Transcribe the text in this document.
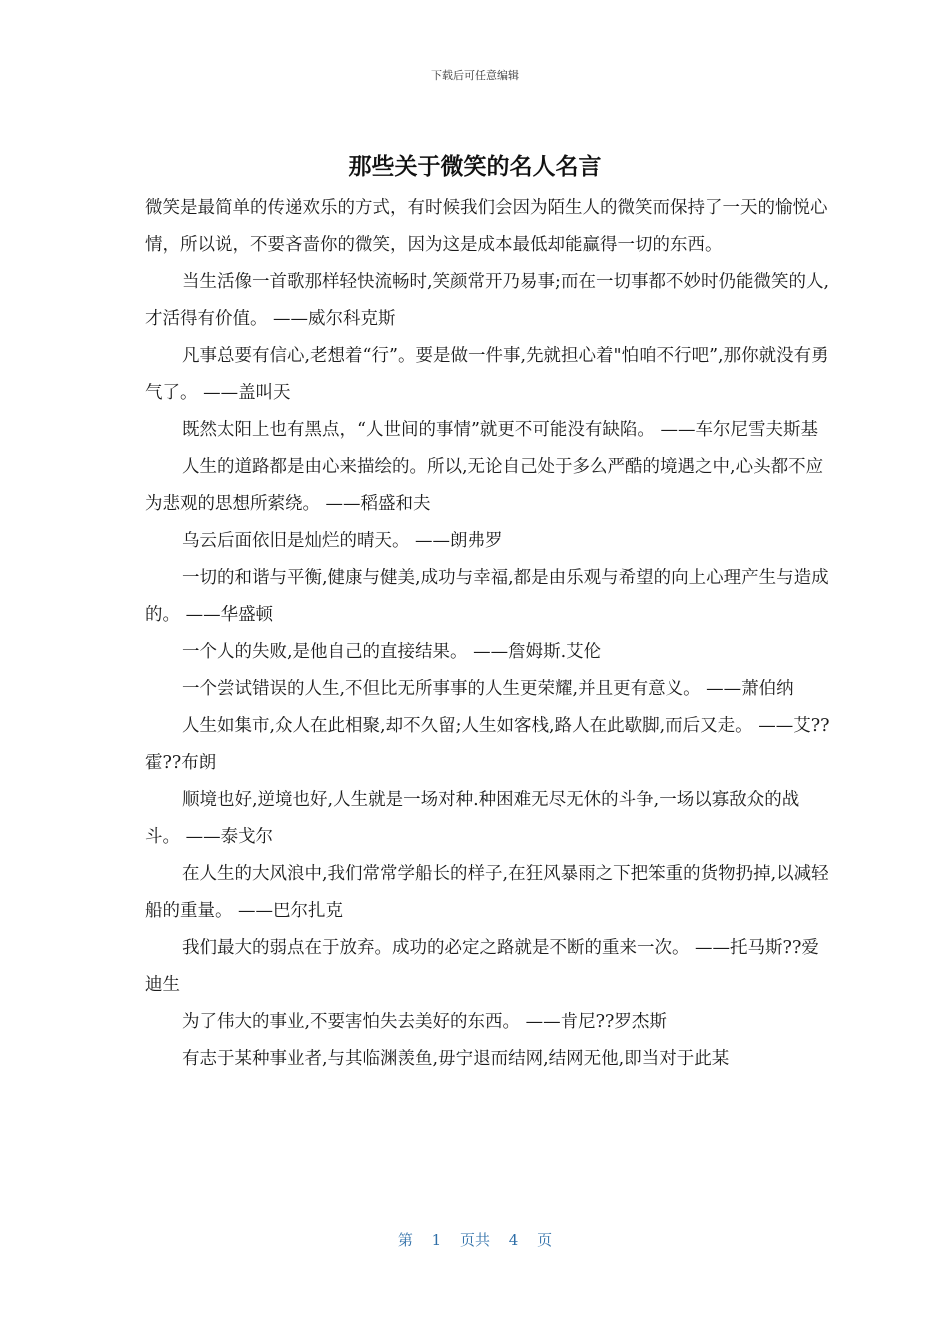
下载后可任意编辑
那些关于微笑的名人名言

微笑是最简单的传递欢乐的方式，有时候我们会因为陌生人的微笑而保持了一天的愉悦心情，所以说，不要吝啬你的微笑，因为这是成本最低却能赢得一切的东西。

当生活像一首歌那样轻快流畅时,笑颜常开乃易事;而在一切事都不妙时仍能微笑的人,才活得有价值。 ——威尔科克斯

凡事总要有信心,老想着“行”。要是做一件事,先就担心着"怕咱不行吧”,那你就没有勇气了。 ——盖叫天

既然太阳上也有黑点，“人世间的事情”就更不可能没有缺陷。 ——车尔尼雪夫斯基

人生的道路都是由心来描绘的。所以,无论自己处于多么严酷的境遇之中,心头都不应为悲观的思想所萦绕。 ——稻盛和夫

乌云后面依旧是灿烂的晴天。 ——朗弗罗

一切的和谐与平衡,健康与健美,成功与幸福,都是由乐观与希望的向上心理产生与造成的。 ——华盛顿

一个人的失败,是他自己的直接结果。 ——詹姆斯.艾伦

一个尝试错误的人生,不但比无所事事的人生更荣耀,并且更有意义。 ——萧伯纳

人生如集市,众人在此相聚,却不久留;人生如客栈,路人在此歇脚,而后又走。 ——艾??霍??布朗

顺境也好,逆境也好,人生就是一场对种.种困难无尽无休的斗争,一场以寡敌众的战斗。 ——泰戈尔

在人生的大风浪中,我们常常学船长的样子,在狂风暴雨之下把笨重的货物扔掉,以减轻船的重量。 ——巴尔扎克

我们最大的弱点在于放弃。成功的必定之路就是不断的重来一次。 ——托马斯??爱迪生

为了伟大的事业,不要害怕失去美好的东西。 ——肯尼??罗杰斯

有志于某种事业者,与其临渊羡鱼,毋宁退而结网,结网无他,即当对于此某

第 1 页共 4 页
